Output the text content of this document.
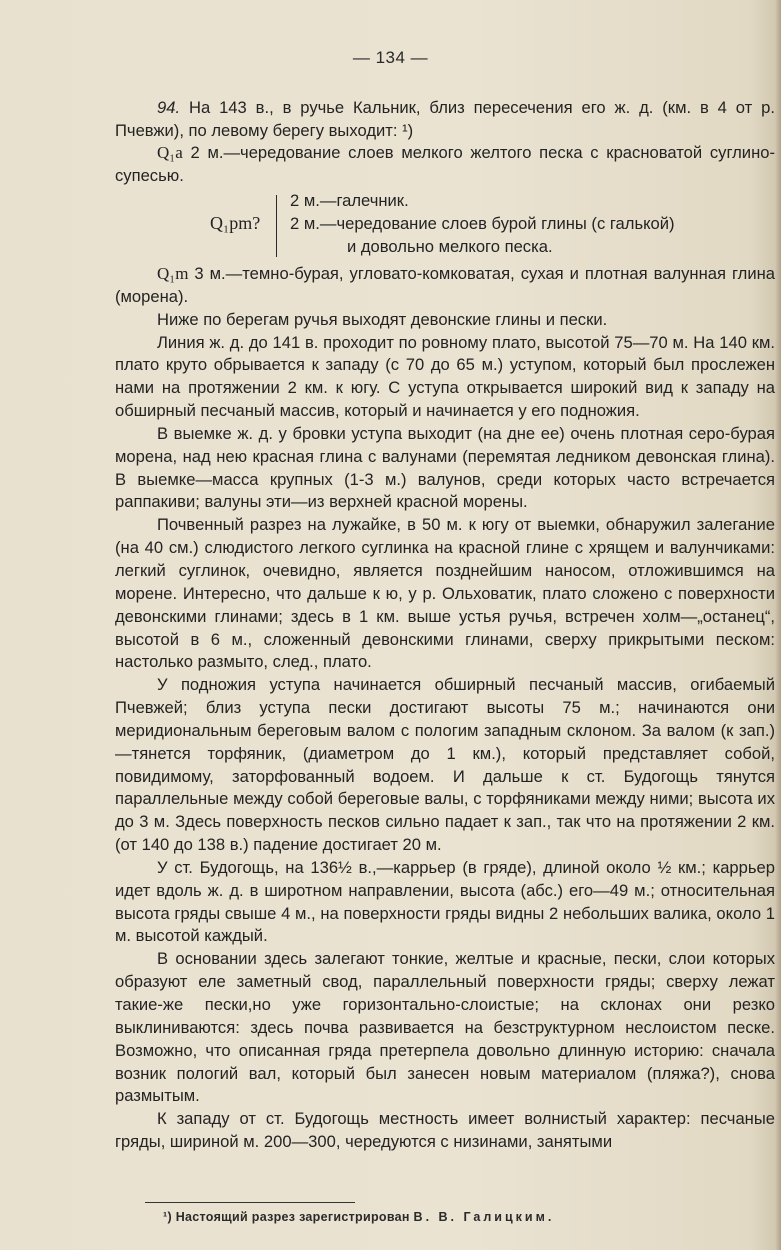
— 134 —

94. На 143 в., в ручье Кальник, близ пересечения его ж. д. (км. в 4 от р. Пчевжи), по левому берегу выходит: ¹)

Q₁a 2 м.—чередование слоев мелкого желтого песка с красноватой суглино-супесью.

Q₁pm?
2 м.—галечник.
2 м.—чередование слоев бурой глины (с галькой)
и довольно мелкого песка.

Q₁m 3 м.—темно-бурая, угловато-комковатая, сухая и плотная валунная глина (морена).

Ниже по берегам ручья выходят девонские глины и пески.

Линия ж. д. до 141 в. проходит по ровному плато, высотой 75—70 м. На 140 км. плато круто обрывается к западу (с 70 до 65 м.) уступом, который был прослежен нами на протяжении 2 км. к югу. С уступа открывается широкий вид к западу на обширный песчаный массив, который и начинается у его подножия.

В выемке ж. д. у бровки уступа выходит (на дне ее) очень плотная серо-бурая морена, над нею красная глина с валунами (перемятая ледником девонская глина). В выемке—масса крупных (1-3 м.) валунов, среди которых часто встречается раппакиви; валуны эти—из верхней красной морены.

Почвенный разрез на лужайке, в 50 м. к югу от выемки, обнаружил залегание (на 40 см.) слюдистого легкого суглинка на красной глине с хрящем и валунчиками: легкий суглинок, очевидно, является позднейшим наносом, отложившимся на морене. Интересно, что дальше к ю, у р. Ольховатик, плато сложено с поверхности девонскими глинами; здесь в 1 км. выше устья ручья, встречен холм—„останец“, высотой в 6 м., сложенный девонскими глинами, сверху прикрытыми песком: настолько размыто, след., плато.

У подножия уступа начинается обширный песчаный массив, огибаемый Пчевжей; близ уступа пески достигают высоты 75 м.; начинаются они меридиональным береговым валом с пологим западным склоном. За валом (к зап.)—тянется торфяник, (диаметром до 1 км.), который представляет собой, повидимому, заторфованный водоем. И дальше к ст. Будогощь тянутся параллельные между собой береговые валы, с торфяниками между ними; высота их до 3 м. Здесь поверхность песков сильно падает к зап., так что на протяжении 2 км. (от 140 до 138 в.) падение достигает 20 м.

У ст. Будогощь, на 136½ в.,—каррьер (в гряде), длиной около ½ км.; каррьер идет вдоль ж. д. в широтном направлении, высота (абс.) его—49 м.; относительная высота гряды свыше 4 м., на поверхности гряды видны 2 небольших валика, около 1 м. высотой каждый.

В основании здесь залегают тонкие, желтые и красные, пески, слои которых образуют еле заметный свод, параллельный поверхности гряды; сверху лежат такие-же пески,но уже горизонтально-слоистые; на склонах они резко выклиниваются: здесь почва развивается на безструктурном неслоистом песке. Возможно, что описанная гряда претерпела довольно длинную историю: сначала возник пологий вал, который был занесен новым материалом (пляжа?), снова размытым.

К западу от ст. Будогощь местность имеет волнистый характер: песчаные гряды, шириной м. 200—300, чередуются с низинами, занятыми

¹) Настоящий разрез зарегистрирован В. В. Галицким.
